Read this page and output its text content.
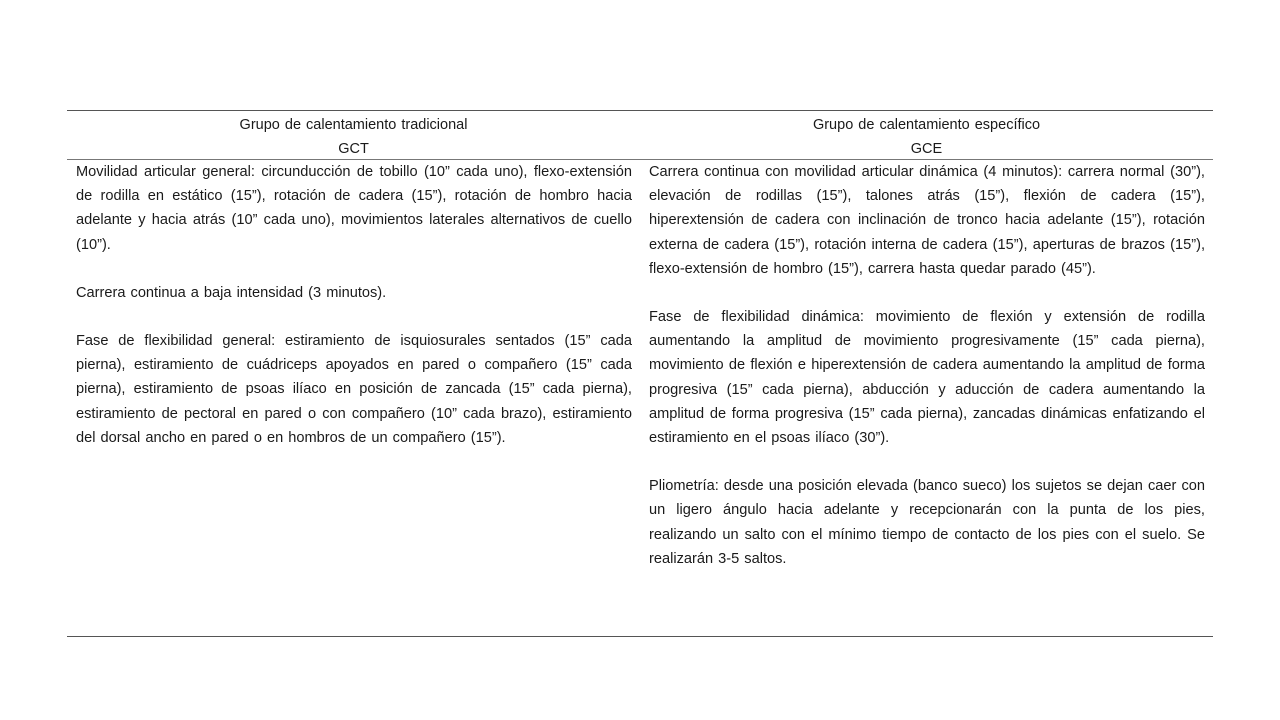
Grupo de calentamiento tradicional
GCT
Grupo de calentamiento específico
GCE

Movilidad articular general: circunducción de tobillo (10” cada uno), flexo-extensión de rodilla en estático (15”), rotación de cadera (15”), rotación de hombro hacia adelante y hacia atrás (10” cada uno), movimientos laterales alternativos de cuello (10”).

Carrera continua a baja intensidad (3 minutos).

Fase de flexibilidad general: estiramiento de isquiosurales sentados (15” cada pierna), estiramiento de cuádriceps apoyados en pared o compañero (15” cada pierna), estiramiento de psoas ilíaco en posición de zancada (15” cada pierna), estiramiento de pectoral en pared o con compañero (10” cada brazo), estiramiento del dorsal ancho en pared o en hombros de un compañero (15”).

Carrera continua con movilidad articular dinámica (4 minutos): carrera normal (30”), elevación de rodillas (15”), talones atrás (15”), flexión de cadera (15”), hiperextensión de cadera con inclinación de tronco hacia adelante (15”), rotación externa de cadera (15”), rotación interna de cadera (15”), aperturas de brazos (15”), flexo-extensión de hombro (15”), carrera hasta quedar parado (45”).

Fase de flexibilidad dinámica: movimiento de flexión y extensión de rodilla aumentando la amplitud de movimiento progresivamente (15” cada pierna), movimiento de flexión e hiperextensión de cadera aumentando la amplitud de forma progresiva (15” cada pierna), abducción y aducción de cadera aumentando la amplitud de forma progresiva (15” cada pierna), zancadas dinámicas enfatizando el estiramiento en el psoas ilíaco (30”).

Pliometría: desde una posición elevada (banco sueco) los sujetos se dejan caer con un ligero ángulo hacia adelante y recepcionarán con la punta de los pies, realizando un salto con el mínimo tiempo de contacto de los pies con el suelo. Se realizarán 3-5 saltos.
